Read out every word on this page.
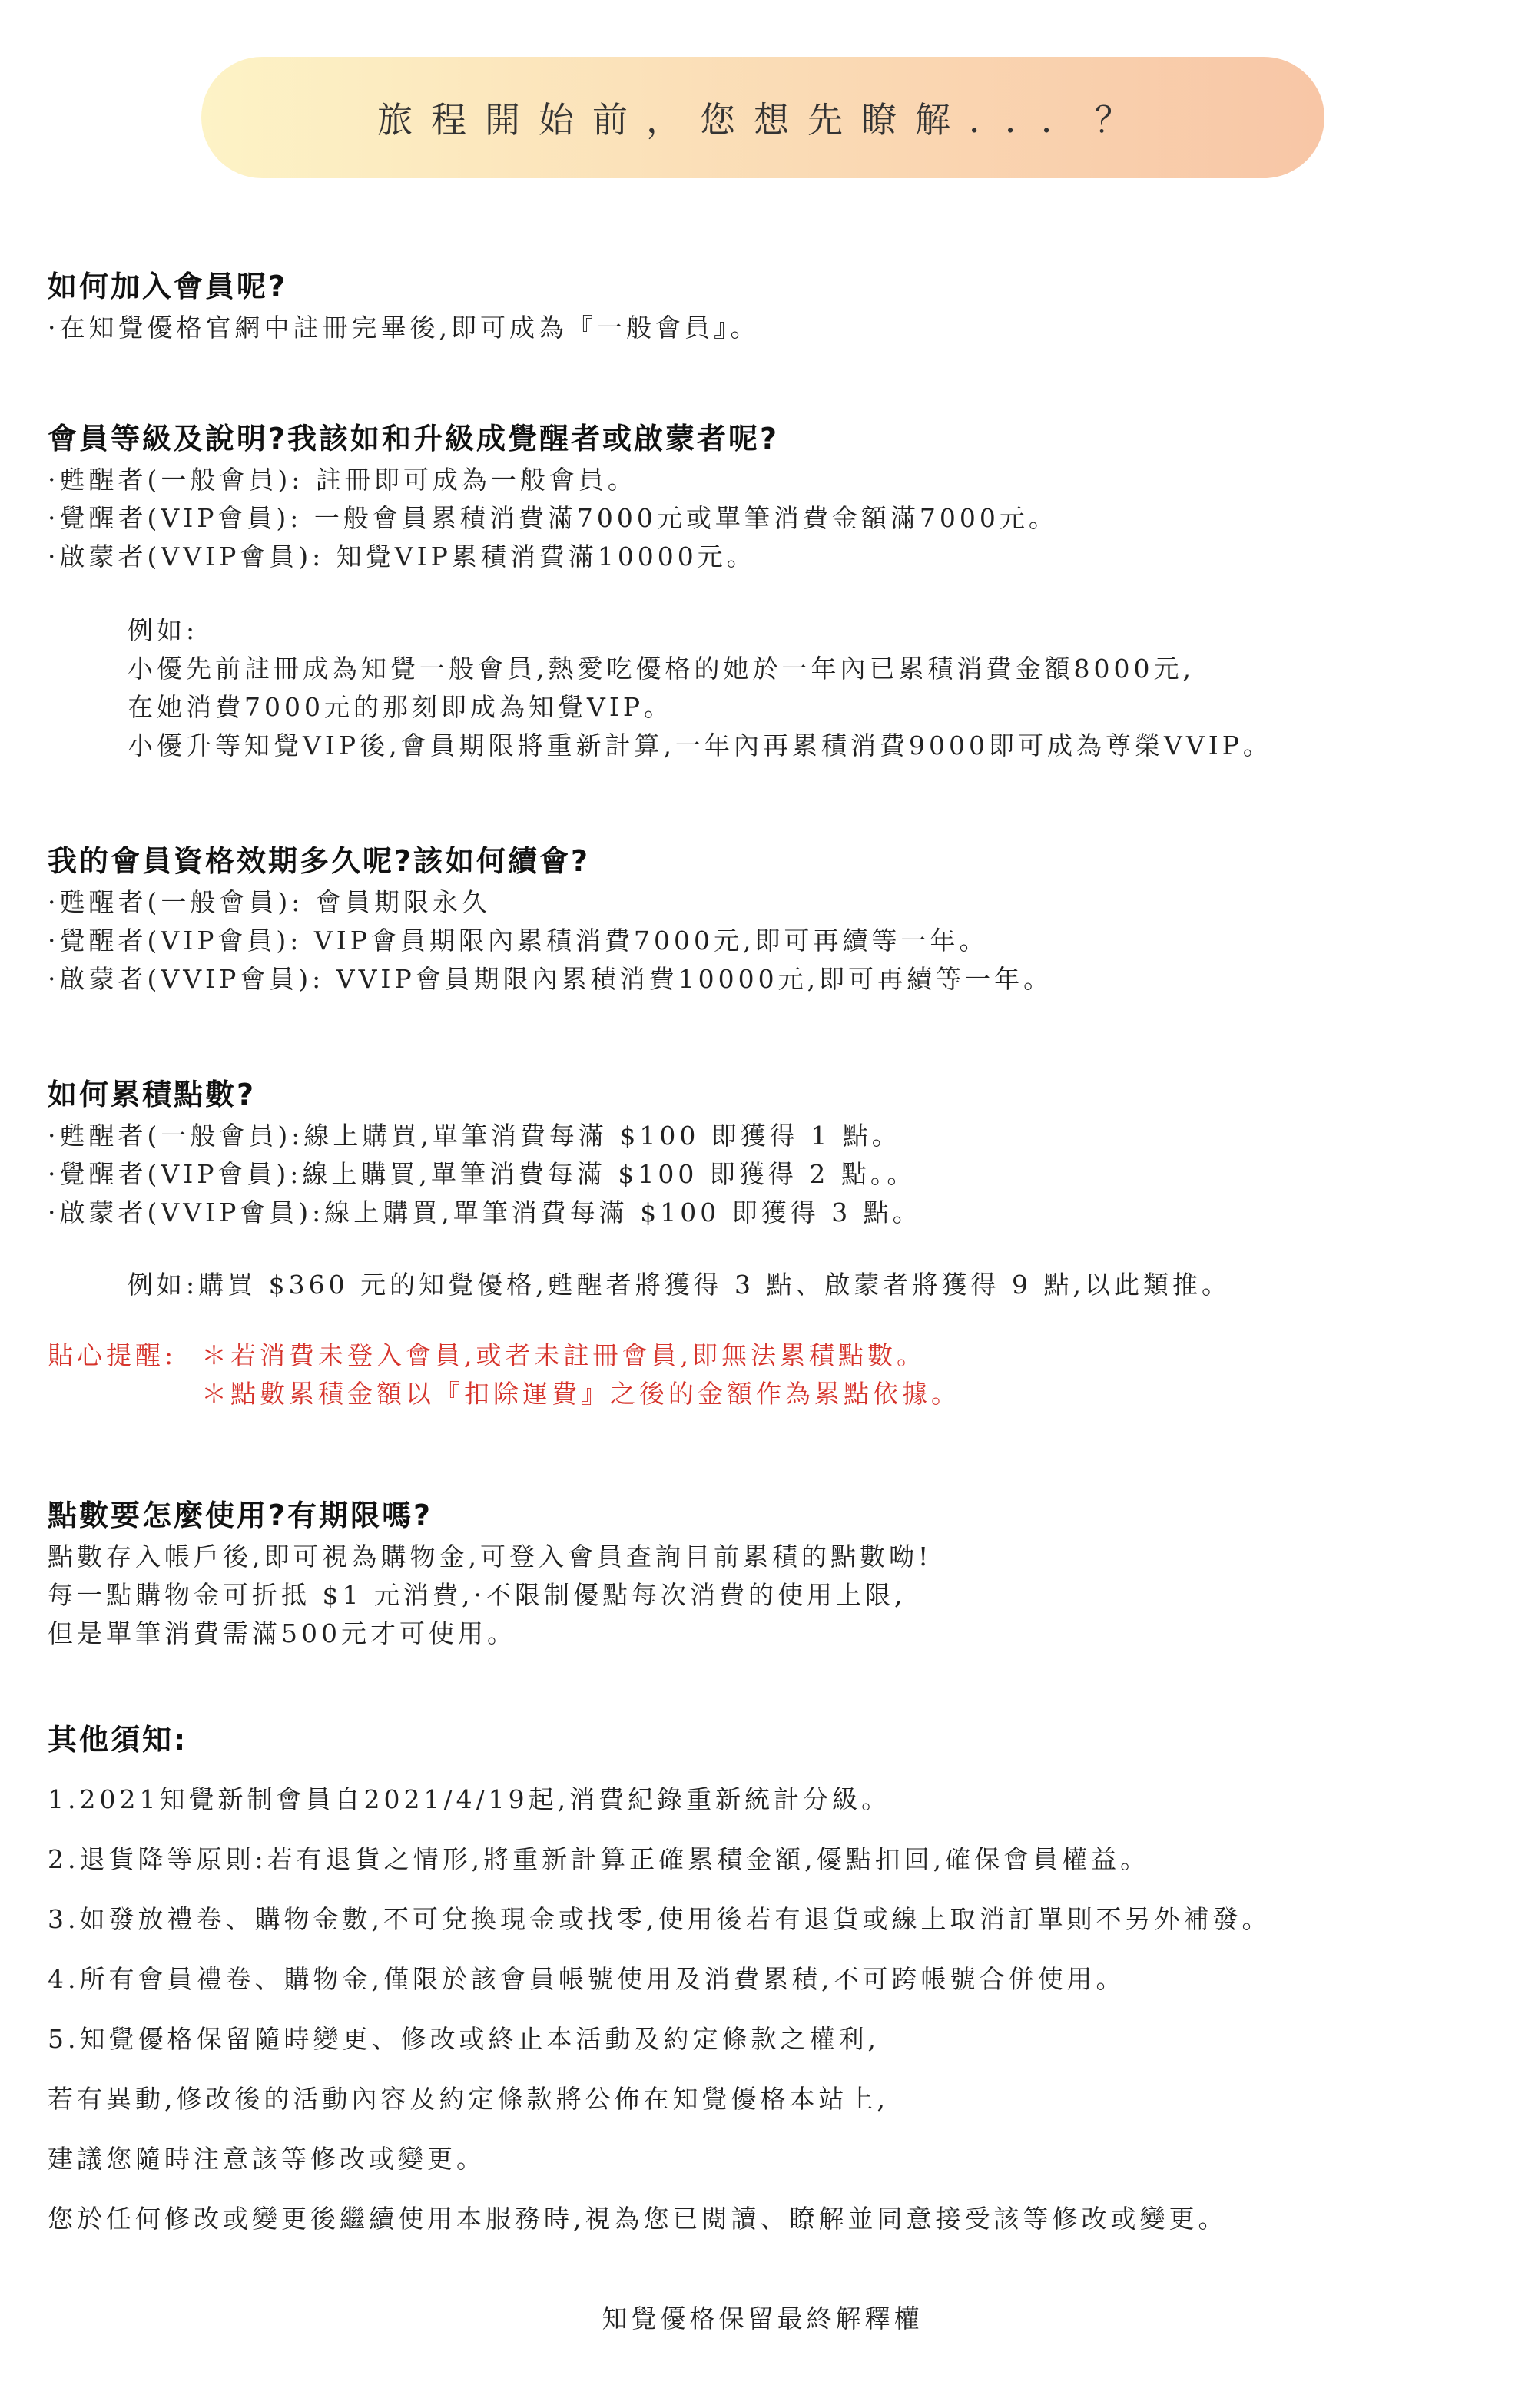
旅程開始前，您想先瞭解．．．？
如何加入會員呢?

·在知覺優格官網中註冊完畢後,即可成為『一般會員』。

會員等級及說明?我該如和升級成覺醒者或啟蒙者呢?

·甦醒者(一般會員): 註冊即可成為一般會員。

·覺醒者(VIP會員): 一般會員累積消費滿7000元或單筆消費金額滿7000元。

·啟蒙者(VVIP會員): 知覺VIP累積消費滿10000元。

例如:

小優先前註冊成為知覺一般會員,熱愛吃優格的她於一年內已累積消費金額8000元,

在她消費7000元的那刻即成為知覺VIP。

小優升等知覺VIP後,會員期限將重新計算,一年內再累積消費9000即可成為尊榮VVIP。

我的會員資格效期多久呢?該如何續會?

·甦醒者(一般會員): 會員期限永久

·覺醒者(VIP會員): VIP會員期限內累積消費7000元,即可再續等一年。

·啟蒙者(VVIP會員): VVIP會員期限內累積消費10000元,即可再續等一年。

如何累積點數?

·甦醒者(一般會員):線上購買,單筆消費每滿 $100 即獲得 1 點。

·覺醒者(VIP會員):線上購買,單筆消費每滿 $100 即獲得 2 點。。

·啟蒙者(VVIP會員):線上購買,單筆消費每滿 $100 即獲得 3 點。

例如:購買 $360 元的知覺優格,甦醒者將獲得 3 點、啟蒙者將獲得 9 點,以此類推。

貼心提醒: ＊若消費未登入會員,或者未註冊會員,即無法累積點數。

＊點數累積金額以『扣除運費』之後的金額作為累點依據。

點數要怎麼使用?有期限嗎?

點數存入帳戶後,即可視為購物金,可登入會員查詢目前累積的點數呦!

每一點購物金可折抵 $1 元消費,·不限制優點每次消費的使用上限,

但是單筆消費需滿500元才可使用。

其他須知:

1.2021知覺新制會員自2021/4/19起,消費紀錄重新統計分級。

2.退貨降等原則:若有退貨之情形,將重新計算正確累積金額,優點扣回,確保會員權益。

3.如發放禮卷、購物金數,不可兌換現金或找零,使用後若有退貨或線上取消訂單則不另外補發。

4.所有會員禮卷、購物金,僅限於該會員帳號使用及消費累積,不可跨帳號合併使用。

5.知覺優格保留隨時變更、修改或終止本活動及約定條款之權利,

若有異動,修改後的活動內容及約定條款將公佈在知覺優格本站上,

建議您隨時注意該等修改或變更。

您於任何修改或變更後繼續使用本服務時,視為您已閱讀、瞭解並同意接受該等修改或變更。

知覺優格保留最終解釋權
